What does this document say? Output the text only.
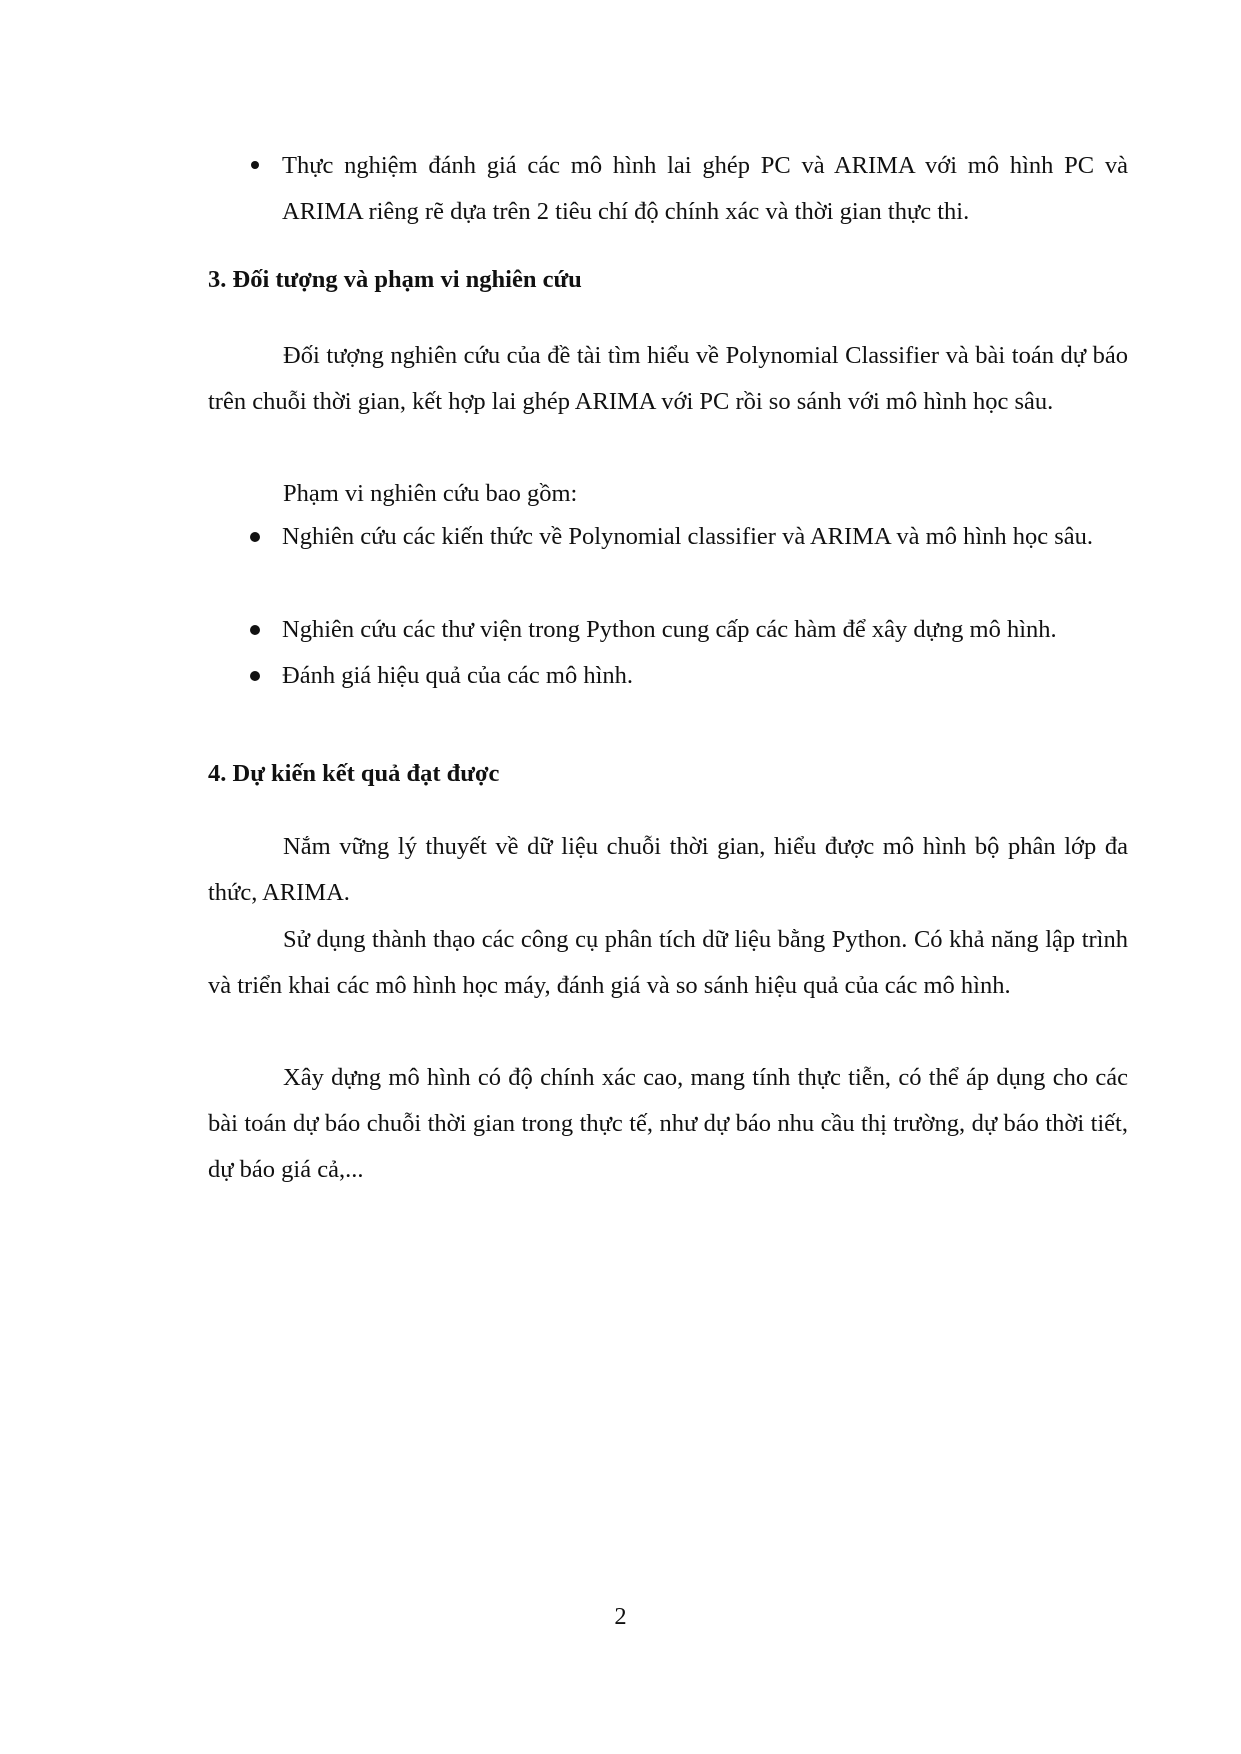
Thực nghiệm đánh giá các mô hình lai ghép PC và ARIMA với mô hình PC và ARIMA riêng rẽ dựa trên 2 tiêu chí độ chính xác và thời gian thực thi.
3. Đối tượng và phạm vi nghiên cứu
Đối tượng nghiên cứu của đề tài tìm hiểu về Polynomial Classifier và bài toán dự báo trên chuỗi thời gian, kết hợp lai ghép ARIMA với PC rồi so sánh với mô hình học sâu.
Phạm vi nghiên cứu bao gồm:
Nghiên cứu các kiến thức về Polynomial classifier và ARIMA và mô hình học sâu.
Nghiên cứu các thư viện trong Python cung cấp các hàm để xây dựng mô hình.
Đánh giá hiệu quả của các mô hình.
4. Dự kiến kết quả đạt được
Nắm vững lý thuyết về dữ liệu chuỗi thời gian, hiểu được mô hình bộ phân lớp đa thức, ARIMA.
Sử dụng thành thạo các công cụ phân tích dữ liệu bằng Python. Có khả năng lập trình và triển khai các mô hình học máy, đánh giá và so sánh hiệu quả của các mô hình.
Xây dựng mô hình có độ chính xác cao, mang tính thực tiễn, có thể áp dụng cho các bài toán dự báo chuỗi thời gian trong thực tế, như dự báo nhu cầu thị trường, dự báo thời tiết, dự báo giá cả,...
2
